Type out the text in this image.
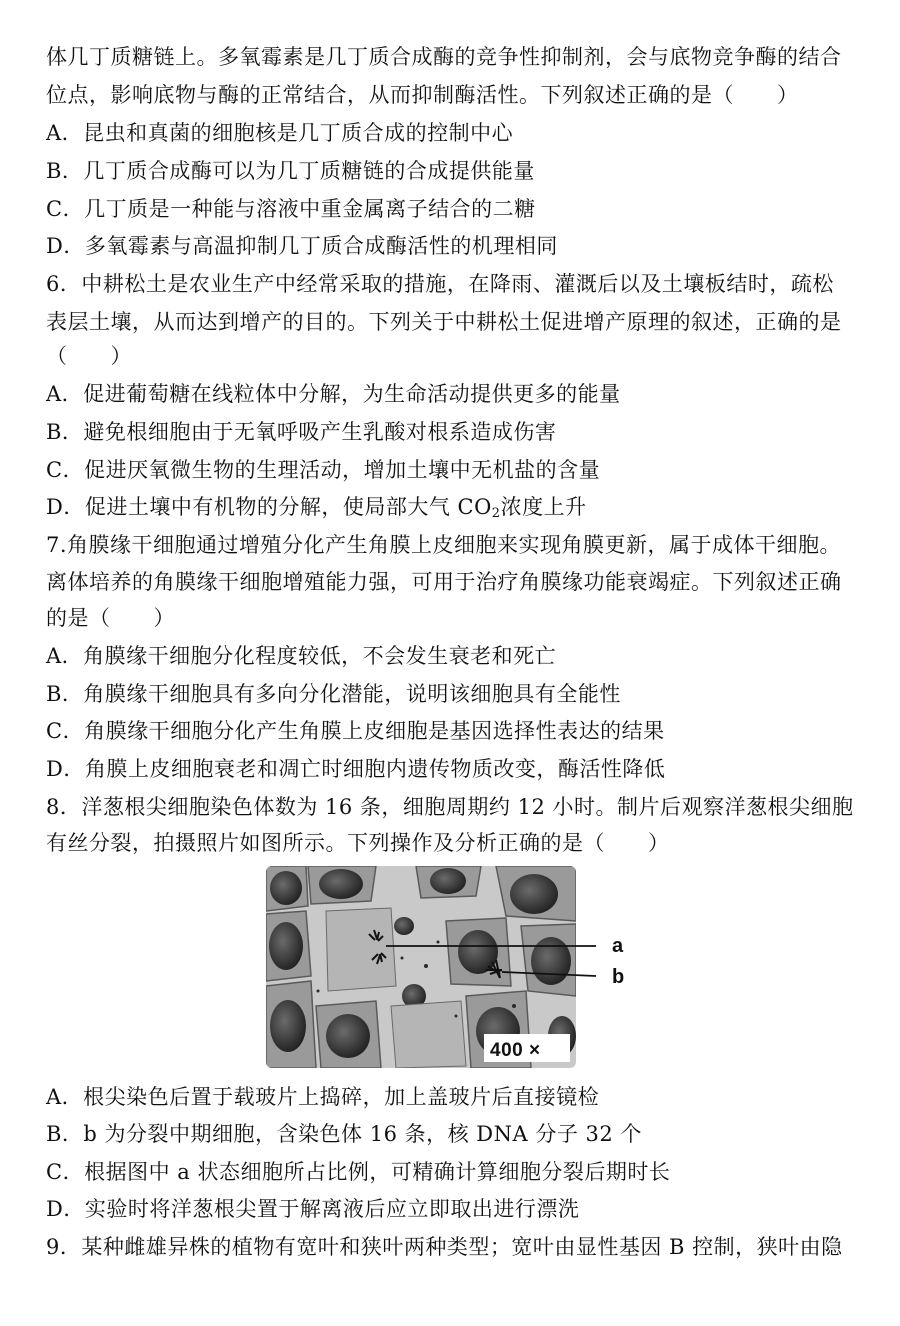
体几丁质糖链上。多氧霉素是几丁质合成酶的竞争性抑制剂，会与底物竞争酶的结合
位点，影响底物与酶的正常结合，从而抑制酶活性。下列叙述正确的是（　　）
A．昆虫和真菌的细胞核是几丁质合成的控制中心
B．几丁质合成酶可以为几丁质糖链的合成提供能量
C．几丁质是一种能与溶液中重金属离子结合的二糖
D．多氧霉素与高温抑制几丁质合成酶活性的机理相同
6．中耕松土是农业生产中经常采取的措施，在降雨、灌溉后以及土壤板结时，疏松
表层土壤，从而达到增产的目的。下列关于中耕松土促进增产原理的叙述，正确的是
（　　）
A．促进葡萄糖在线粒体中分解，为生命活动提供更多的能量
B．避免根细胞由于无氧呼吸产生乳酸对根系造成伤害
C．促进厌氧微生物的生理活动，增加土壤中无机盐的含量
D．促进土壤中有机物的分解，使局部大气 $CO_2$浓度上升
7.角膜缘干细胞通过增殖分化产生角膜上皮细胞来实现角膜更新，属于成体干细胞。
离体培养的角膜缘干细胞增殖能力强，可用于治疗角膜缘功能衰竭症。下列叙述正确
的是（　　）
A．角膜缘干细胞分化程度较低，不会发生衰老和死亡
B．角膜缘干细胞具有多向分化潜能，说明该细胞具有全能性
C．角膜缘干细胞分化产生角膜上皮细胞是基因选择性表达的结果
D．角膜上皮细胞衰老和凋亡时细胞内遗传物质改变，酶活性降低
8．洋葱根尖细胞染色体数为 16 条，细胞周期约 12 小时。制片后观察洋葱根尖细胞
有丝分裂，拍摄照片如图所示。下列操作及分析正确的是（　　）
a
b
400 ×
A．根尖染色后置于载玻片上捣碎，加上盖玻片后直接镜检
B．b 为分裂中期细胞，含染色体 16 条，核 DNA 分子 32 个
C．根据图中 a 状态细胞所占比例，可精确计算细胞分裂后期时长
D．实验时将洋葱根尖置于解离液后应立即取出进行漂洗
9．某种雌雄异株的植物有宽叶和狭叶两种类型；宽叶由显性基因 B 控制，狭叶由隐
